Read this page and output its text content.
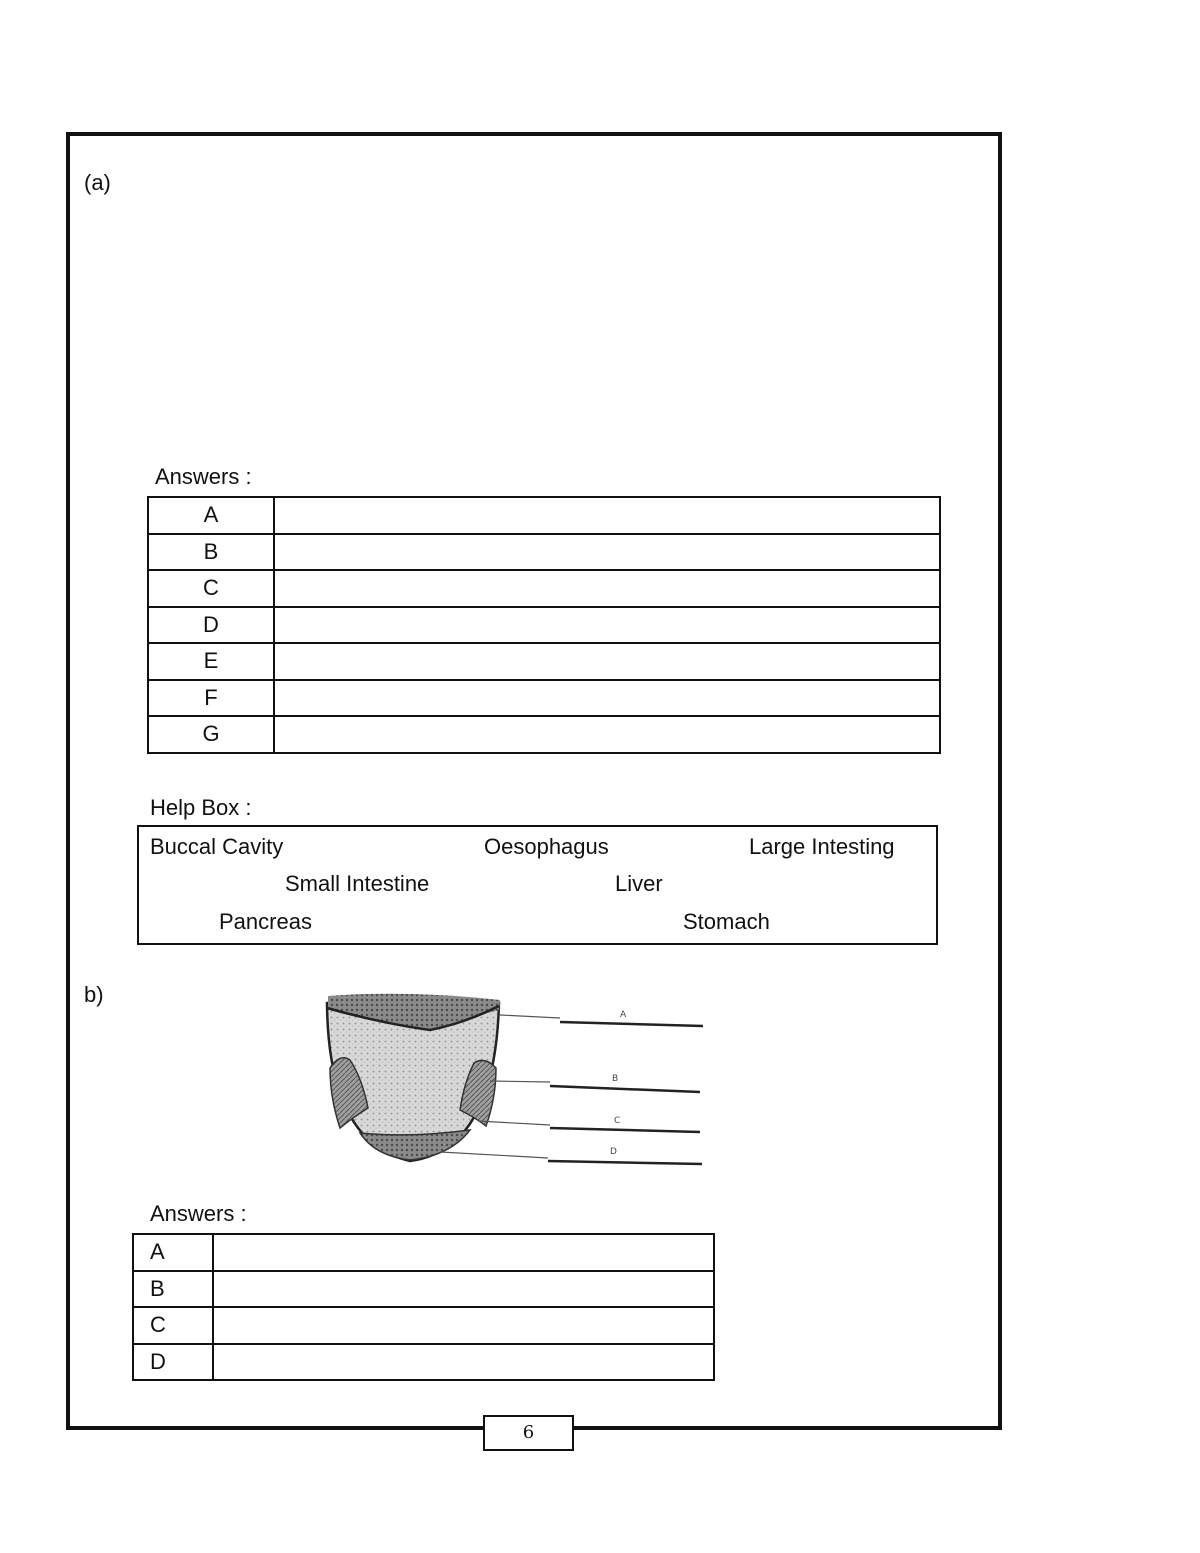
(a)
Answers :
A	
B	
C	
D	
E	
F	
G	
Help Box :
Buccal Cavity	Oesophagus	Large Intesting
Small Intestine	Liver
Pancreas	Stomach
b)
A
B
C
D
Answers :
A	
B	
C	
D	
6
